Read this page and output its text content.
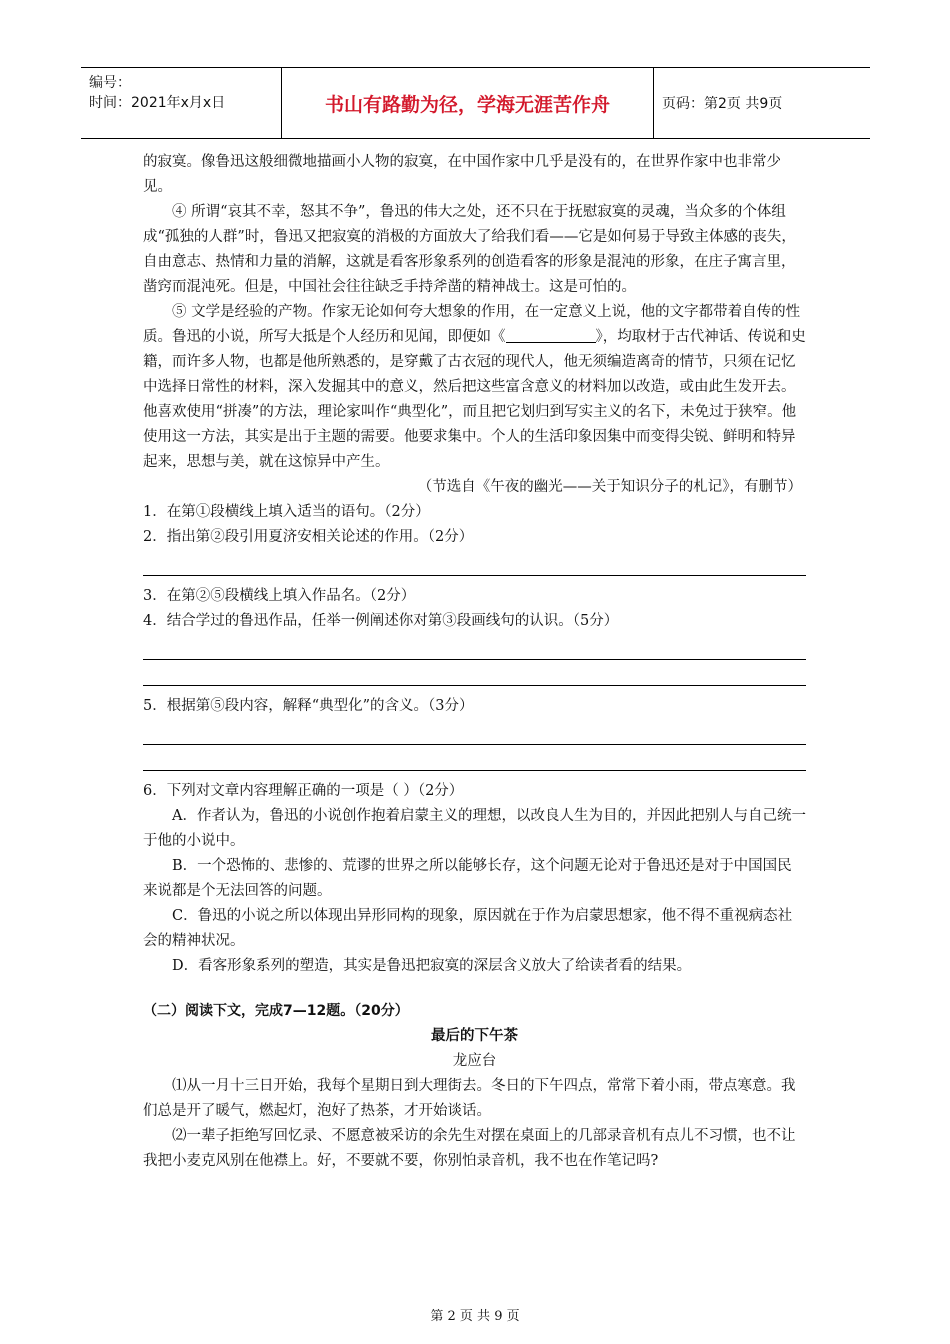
编号：
时间：2021年x月x日	书山有路勤为径，学海无涯苦作舟	页码：第2页 共9页

的寂寞。像鲁迅这般细微地描画小人物的寂寞，在中国作家中几乎是没有的，在世界作家中也非常少见。

④ 所谓“哀其不幸，怒其不争”，鲁迅的伟大之处，还不只在于抚慰寂寞的灵魂，当众多的个体组成“孤独的人群”时，鲁迅又把寂寞的消极的方面放大了给我们看——它是如何易于导致主体感的丧失，自由意志、热情和力量的消解，这就是看客形象系列的创造看客的形象是混沌的形象，在庄子寓言里，凿窍而混沌死。但是，中国社会往往缺乏手持斧凿的精神战士。这是可怕的。

⑤ 文学是经验的产物。作家无论如何夸大想象的作用，在一定意义上说，他的文字都带着自传的性质。鲁迅的小说，所写大抵是个人经历和见闻，即便如《	》，均取材于古代神话、传说和史籍，而许多人物，也都是他所熟悉的，是穿戴了古衣冠的现代人，他无须编造离奇的情节，只须在记忆中选择日常性的材料，深入发掘其中的意义，然后把这些富含意义的材料加以改造，或由此生发开去。他喜欢使用“拼凑”的方法，理论家叫作“典型化”，而且把它划归到写实主义的名下，未免过于狭窄。他使用这一方法，其实是出于主题的需要。他要求集中。个人的生活印象因集中而变得尖锐、鲜明和特异起来，思想与美，就在这惊异中产生。

（节选自《午夜的幽光——关于知识分子的札记》，有删节）

1．在第①段横线上填入适当的语句。（2分）

2．指出第②段引用夏济安相关论述的作用。（2分）

3．在第②⑤段横线上填入作品名。（2分）

4．结合学过的鲁迅作品，任举一例阐述你对第③段画线句的认识。（5分）

5．根据第⑤段内容，解释“典型化”的含义。（3分）

6．下列对文章内容理解正确的一项是（ ）（2分）

A．作者认为，鲁迅的小说创作抱着启蒙主义的理想，以改良人生为目的，并因此把别人与自己统一于他的小说中。

B．一个恐怖的、悲惨的、荒谬的世界之所以能够长存，这个问题无论对于鲁迅还是对于中国国民来说都是个无法回答的问题。

C．鲁迅的小说之所以体现出异形同构的现象，原因就在于作为启蒙思想家，他不得不重视病态社会的精神状况。

D．看客形象系列的塑造，其实是鲁迅把寂寞的深层含义放大了给读者看的结果。

（二）阅读下文，完成7—12题。（20分）

最后的下午茶

龙应台

⑴从一月十三日开始，我每个星期日到大理街去。冬日的下午四点，常常下着小雨，带点寒意。我们总是开了暖气，燃起灯，泡好了热茶，才开始谈话。

⑵一辈子拒绝写回忆录、不愿意被采访的余先生对摆在桌面上的几部录音机有点儿不习惯，也不让我把小麦克风别在他襟上。好，不要就不要，你别怕录音机，我不也在作笔记吗?

第 2 页 共 9 页
